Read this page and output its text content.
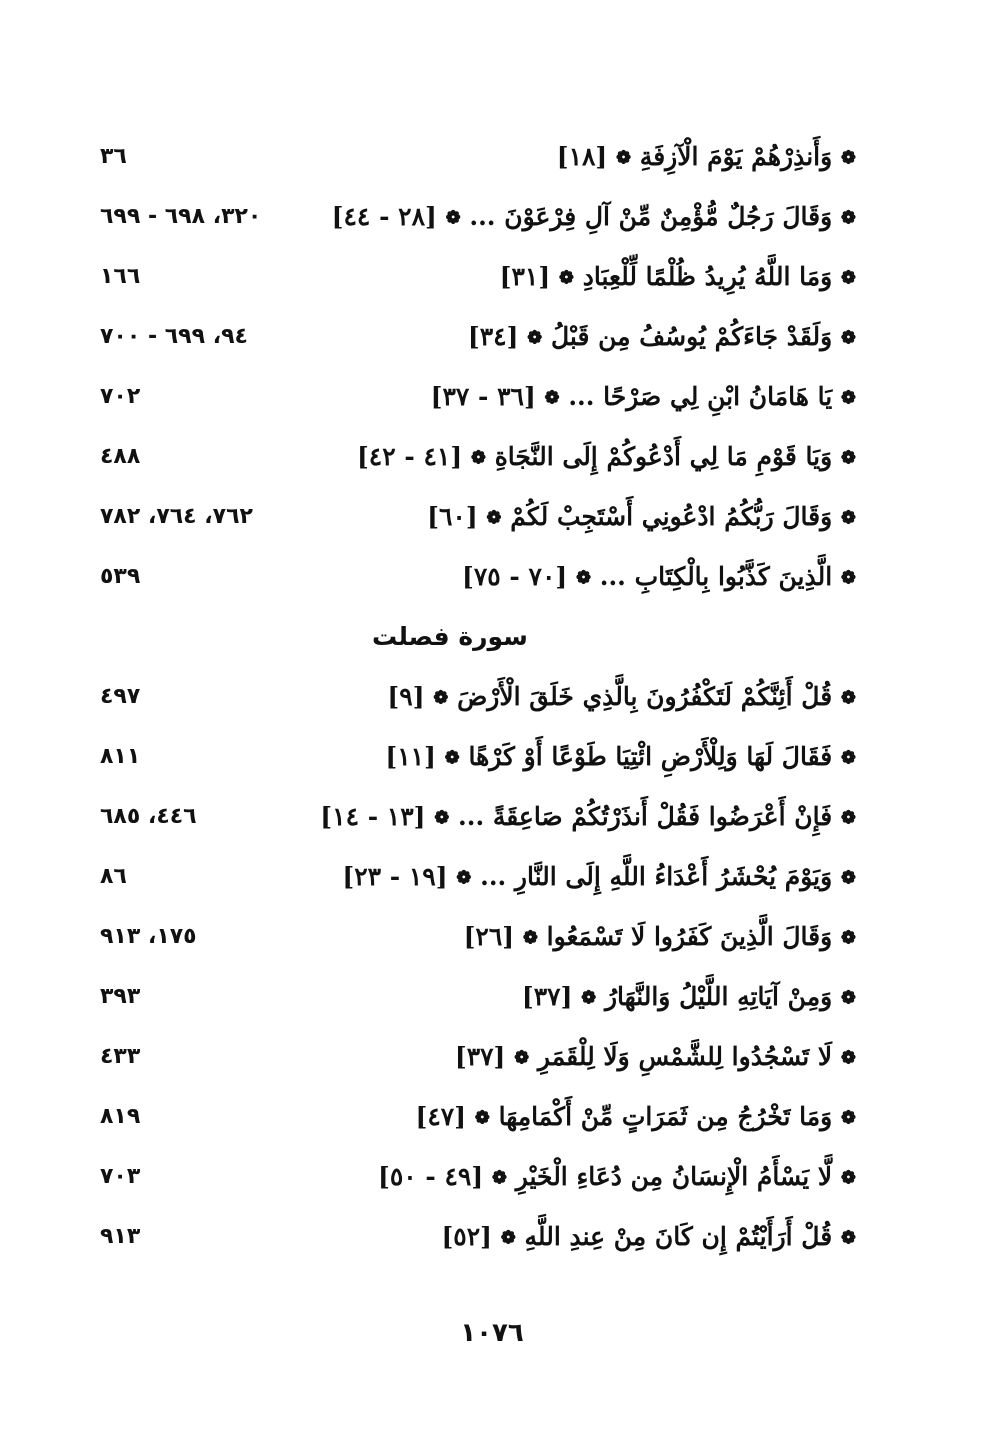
❁ وَأَنذِرْهُمْ يَوْمَ الْآزِفَةِ ❁ [١٨]
٣٦
❁ وَقَالَ رَجُلٌ مُّؤْمِنٌ مِّنْ آلِ فِرْعَوْنَ ... ❁ [٢٨ - ٤٤]
٣٢٠، ٦٩٨ - ٦٩٩
❁ وَمَا اللَّهُ يُرِيدُ ظُلْمًا لِّلْعِبَادِ ❁ [٣١]
١٦٦
❁ وَلَقَدْ جَاءَكُمْ يُوسُفُ مِن قَبْلُ ❁ [٣٤]
٩٤، ٦٩٩ - ٧٠٠
❁ يَا هَامَانُ ابْنِ لِي صَرْحًا ... ❁ [٣٦ - ٣٧]
٧٠٢
❁ وَيَا قَوْمِ مَا لِي أَدْعُوكُمْ إِلَى النَّجَاةِ ❁ [٤١ - ٤٢]
٤٨٨
❁ وَقَالَ رَبُّكُمُ ادْعُونِي أَسْتَجِبْ لَكُمْ ❁ [٦٠]
٧٦٢، ٧٦٤، ٧٨٢
❁ الَّذِينَ كَذَّبُوا بِالْكِتَابِ ... ❁ [٧٠ - ٧٥]
٥٣٩
سورة فصلت
❁ قُلْ أَئِنَّكُمْ لَتَكْفُرُونَ بِالَّذِي خَلَقَ الْأَرْضَ ❁ [٩]
٤٩٧
❁ فَقَالَ لَهَا وَلِلْأَرْضِ ائْتِيَا طَوْعًا أَوْ كَرْهًا ❁ [١١]
٨١١
❁ فَإِنْ أَعْرَضُوا فَقُلْ أَنذَرْتُكُمْ صَاعِقَةً ... ❁ [١٣ - ١٤]
٤٤٦، ٦٨٥
❁ وَيَوْمَ يُحْشَرُ أَعْدَاءُ اللَّهِ إِلَى النَّارِ ... ❁ [١٩ - ٢٣]
٨٦
❁ وَقَالَ الَّذِينَ كَفَرُوا لَا تَسْمَعُوا ❁ [٢٦]
١٧٥، ٩١٣
❁ وَمِنْ آيَاتِهِ اللَّيْلُ وَالنَّهَارُ ❁ [٣٧]
٣٩٣
❁ لَا تَسْجُدُوا لِلشَّمْسِ وَلَا لِلْقَمَرِ ❁ [٣٧]
٤٣٣
❁ وَمَا تَخْرُجُ مِن ثَمَرَاتٍ مِّنْ أَكْمَامِهَا ❁ [٤٧]
٨١٩
❁ لَّا يَسْأَمُ الْإِنسَانُ مِن دُعَاءِ الْخَيْرِ ❁ [٤٩ - ٥٠]
٧٠٣
❁ قُلْ أَرَأَيْتُمْ إِن كَانَ مِنْ عِندِ اللَّهِ ❁ [٥٢]
٩١٣
١٠٧٦
